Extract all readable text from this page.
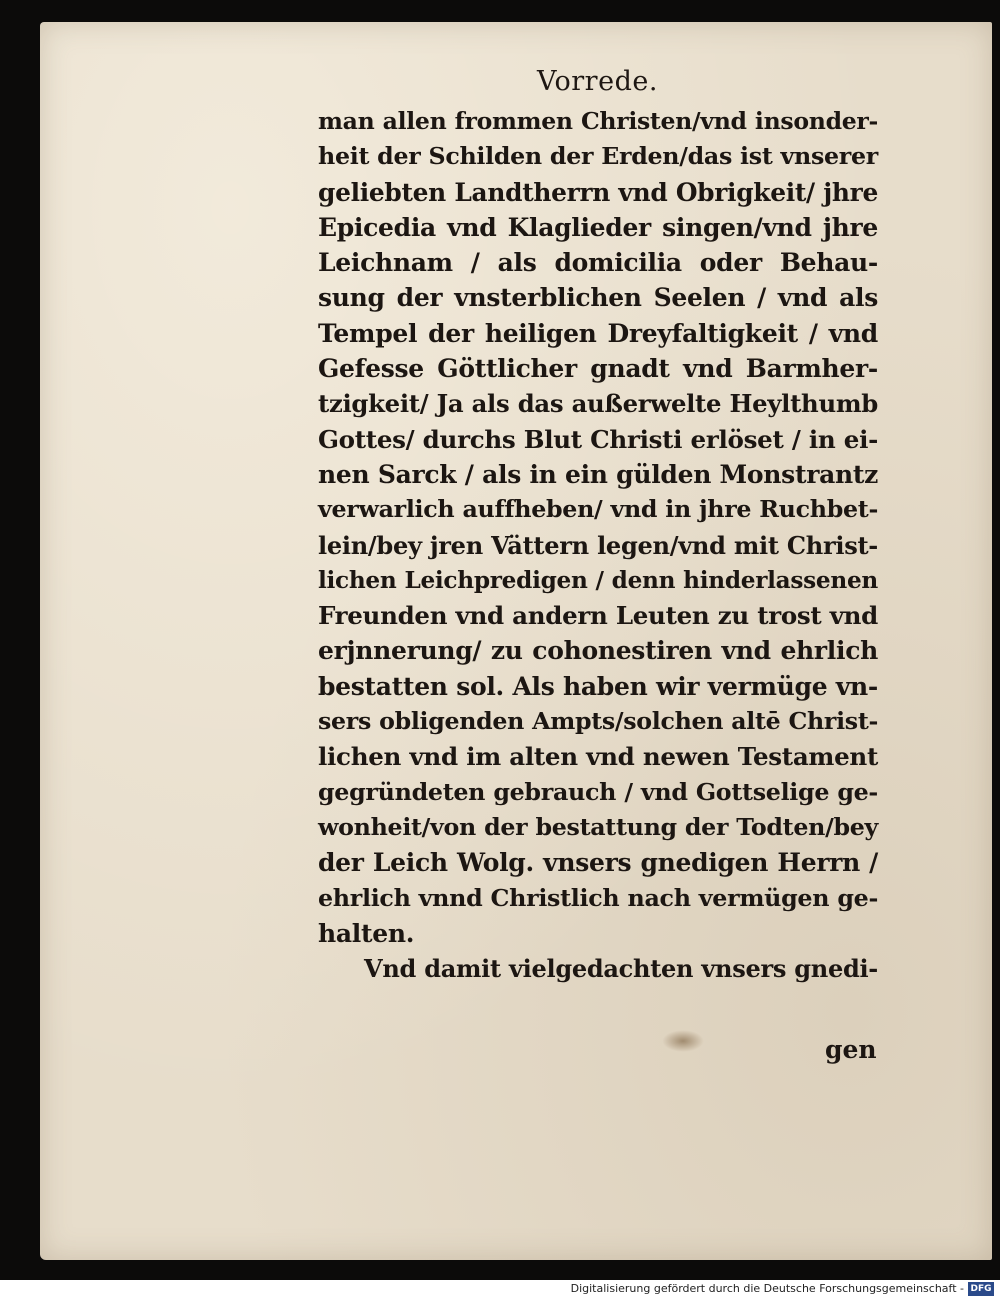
Vorrede.
man allen frommen Christen/vnd insonder-
heit der Schilden der Erden/das ist vnserer
geliebten Landtherrn vnd Obrigkeit/ jhre
Epicedia vnd Klaglieder singen/vnd jhre
Leichnam / als domicilia oder Behau-
sung der vnsterblichen Seelen / vnd als
Tempel der heiligen Dreyfaltigkeit / vnd
Gefesse Göttlicher gnadt vnd Barmher-
tzigkeit/ Ja als das außerwelte Heylthumb
Gottes/ durchs Blut Christi erlöset / in ei-
nen Sarck / als in ein gülden Monstrantz
verwarlich auffheben/ vnd in jhre Ruchbet-
lein/bey jren Vättern legen/vnd mit Christ-
lichen Leichpredigen / denn hinderlassenen
Freunden vnd andern Leuten zu trost vnd
erjnnerung/ zu cohonestiren vnd ehrlich
bestatten sol. Als haben wir vermüge vn-
sers obligenden Ampts/solchen altē Christ-
lichen vnd im alten vnd newen Testament
gegründeten gebrauch / vnd Gottselige ge-
wonheit/von der bestattung der Todten/bey
der Leich Wolg. vnsers gnedigen Herrn /
ehrlich vnnd Christlich nach vermügen ge-
halten.
Vnd damit vielgedachten vnsers gnedi-
gen
Digitalisierung gefördert durch die Deutsche Forschungsgemeinschaft - DFG
